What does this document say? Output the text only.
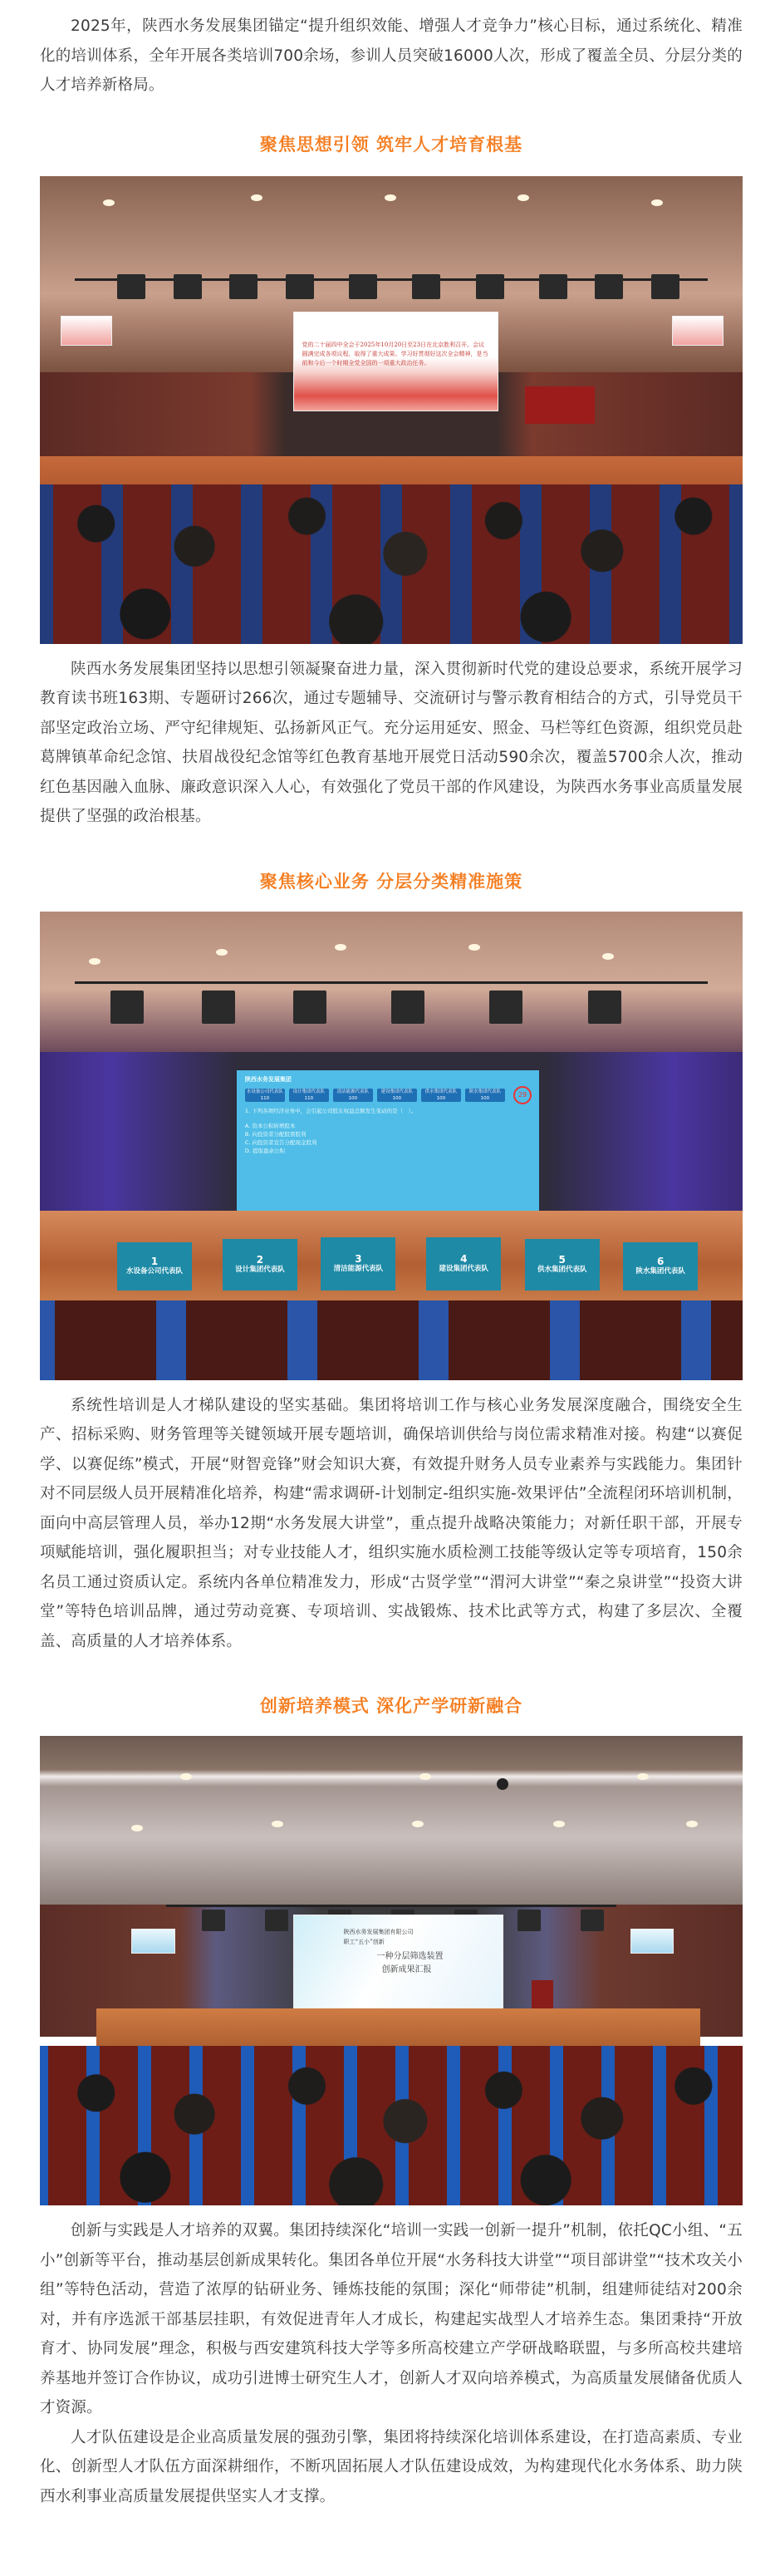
2025年，陕西水务发展集团锚定“提升组织效能、增强人才竞争力”核心目标，通过系统化、精准化的培训体系，全年开展各类培训700余场，参训人员突破16000人次，形成了覆盖全员、分层分类的人才培养新格局。

聚焦思想引领 筑牢人才培育根基
党的二十届四中全会于2025年10月20日至23日在北京胜利召开。会议圆满完成各项议程，取得了重大成果。学习好贯彻好这次全会精神，是当前和今后一个时期全党全国的一项重大政治任务。

陕西水务发展集团坚持以思想引领凝聚奋进力量，深入贯彻新时代党的建设总要求，系统开展学习教育读书班163期、专题研讨266次，通过专题辅导、交流研讨与警示教育相结合的方式，引导党员干部坚定政治立场、严守纪律规矩、弘扬新风正气。充分运用延安、照金、马栏等红色资源，组织党员赴葛牌镇革命纪念馆、扶眉战役纪念馆等红色教育基地开展党日活动590余次，覆盖5700余人次，推动红色基因融入血脉、廉政意识深入人心，有效强化了党员干部的作风建设，为陕西水务事业高质量发展提供了坚强的政治根基。

聚焦核心业务 分层分类精准施策
陕西水务发展集团
水设备公司代表队
110设计集团代表队
110清洁能源代表队
100建设集团代表队
100供水集团代表队
100陕水集团代表队
100	29
1. 下列各项经济业务中，会引起公司股东权益总额发生变动的是（　）。
A. 资本公积转增股本
B. 向投资者分配股票股利
C. 向投资者宣告分配现金股利
D. 提取盈余公积
1
水设备公司代表队
2
设计集团代表队
3
清洁能源代表队
4
建设集团代表队
5
供水集团代表队
6
陕水集团代表队

系统性培训是人才梯队建设的坚实基础。集团将培训工作与核心业务发展深度融合，围绕安全生产、招标采购、财务管理等关键领域开展专题培训，确保培训供给与岗位需求精准对接。构建“以赛促学、以赛促练”模式，开展“财智竞锋”财会知识大赛，有效提升财务人员专业素养与实践能力。集团针对不同层级人员开展精准化培养，构建“需求调研-计划制定-组织实施-效果评估”全流程闭环培训机制，面向中高层管理人员，举办12期“水务发展大讲堂”，重点提升战略决策能力；对新任职干部，开展专项赋能培训，强化履职担当；对专业技能人才，组织实施水质检测工技能等级认定等专项培育，150余名员工通过资质认定。系统内各单位精准发力，形成“古贤学堂”“渭河大讲堂”“秦之泉讲堂”“投资大讲堂”等特色培训品牌，通过劳动竞赛、专项培训、实战锻炼、技术比武等方式，构建了多层次、全覆盖、高质量的人才培养体系。

创新培养模式 深化产学研新融合
陕西水务发展集团有限公司
职工“五小”创新
一种分层筛选装置
创新成果汇报

创新与实践是人才培养的双翼。集团持续深化“培训一实践一创新一提升”机制，依托QC小组、“五小”创新等平台，推动基层创新成果转化。集团各单位开展“水务科技大讲堂”“项目部讲堂”“技术攻关小组”等特色活动，营造了浓厚的钻研业务、锤炼技能的氛围；深化“师带徒”机制，组建师徒结对200余对，并有序选派干部基层挂职，有效促进青年人才成长，构建起实战型人才培养生态。集团秉持“开放育才、协同发展”理念，积极与西安建筑科技大学等多所高校建立产学研战略联盟，与多所高校共建培养基地并签订合作协议，成功引进博士研究生人才，创新人才双向培养模式，为高质量发展储备优质人才资源。

人才队伍建设是企业高质量发展的强劲引擎，集团将持续深化培训体系建设，在打造高素质、专业化、创新型人才队伍方面深耕细作，不断巩固拓展人才队伍建设成效，为构建现代化水务体系、助力陕西水利事业高质量发展提供坚实人才支撑。
